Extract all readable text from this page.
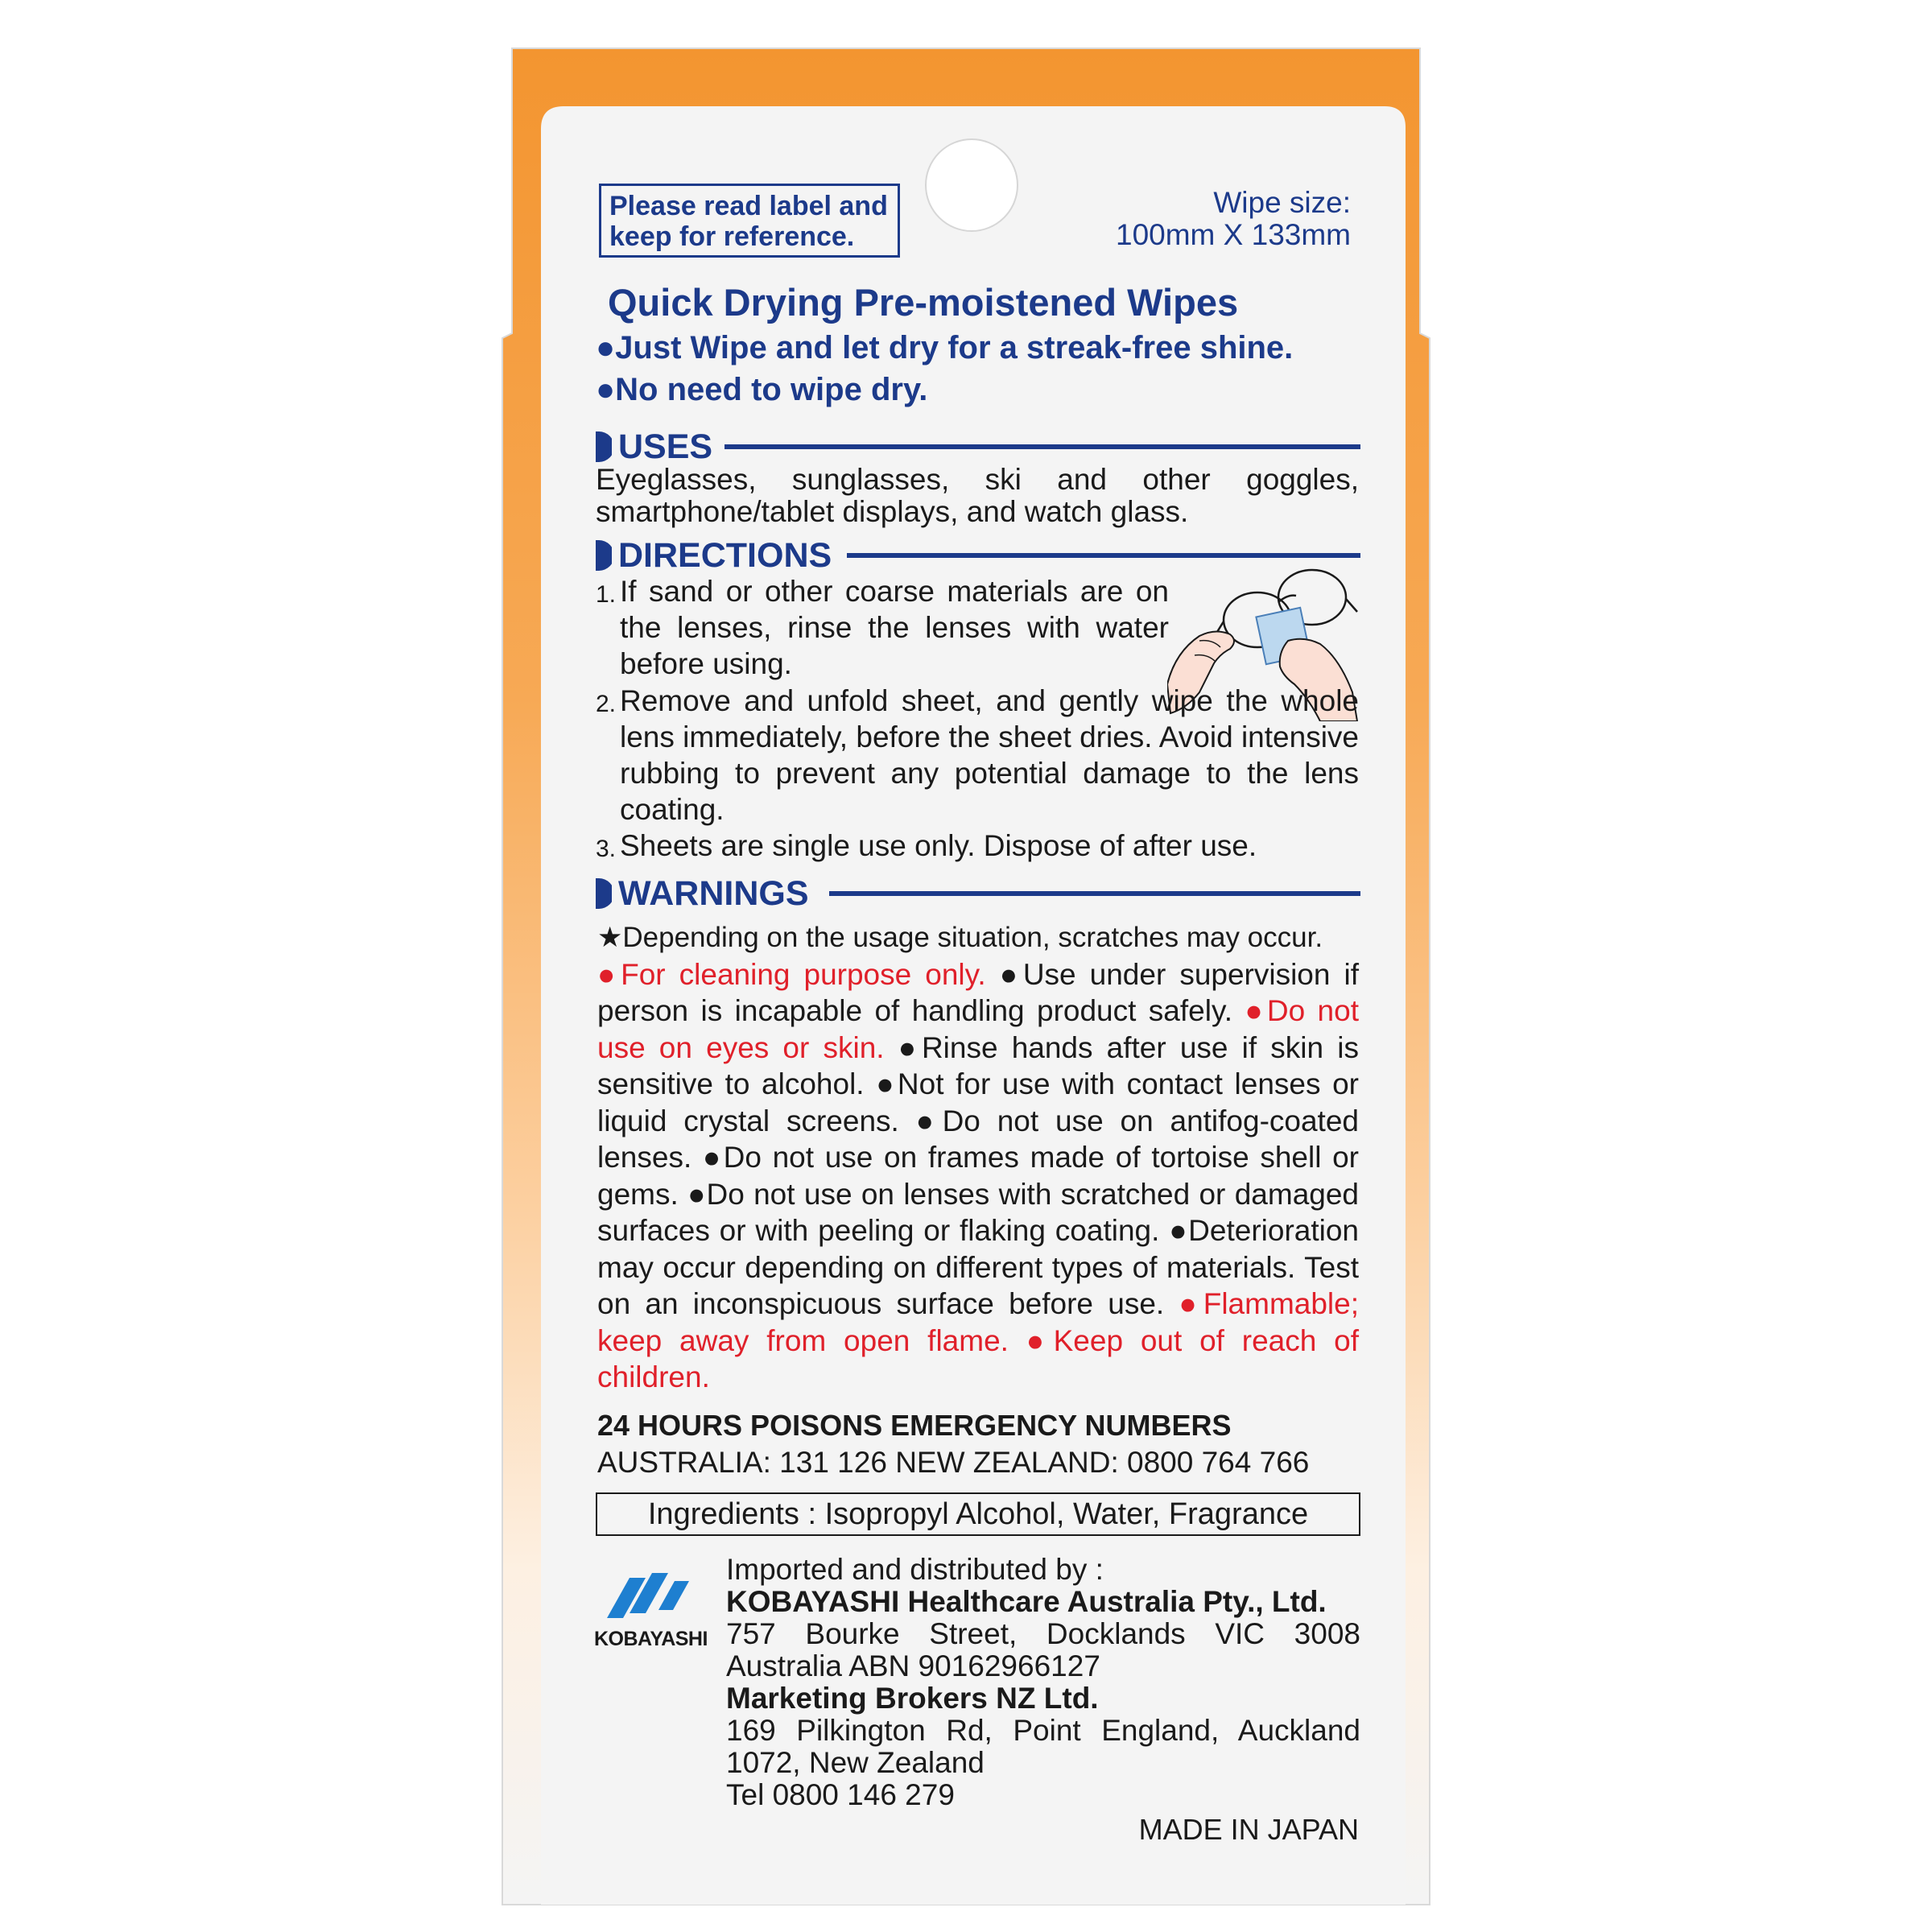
Please read label and keep for reference.
Wipe size:
100mm X 133mm
Quick Drying Pre-moistened Wipes
●Just Wipe and let dry for a streak-free shine.
●No need to wipe dry.
USES
Eyeglasses, sunglasses, ski and other goggles, smartphone/tablet displays, and watch glass.
DIRECTIONS
1. If sand or other coarse materials are on the lenses, rinse the lenses with water before using.
2. Remove and unfold sheet, and gently wipe the whole lens immediately, before the sheet dries. Avoid intensive rubbing to prevent any potential damage to the lens coating.
3. Sheets are single use only. Dispose of after use.
WARNINGS
★Depending on the usage situation, scratches may occur.
●For cleaning purpose only. ●Use under supervision if person is incapable of handling product safely. ●Do not use on eyes or skin. ●Rinse hands after use if skin is sensitive to alcohol. ●Not for use with contact lenses or liquid crystal screens. ●Do not use on antifog-coated lenses. ●Do not use on frames made of tortoise shell or gems. ●Do not use on lenses with scratched or damaged surfaces or with peeling or flaking coating. ●Deterioration may occur depending on different types of materials. Test on an inconspicuous surface before use. ●Flammable; keep away from open flame. ●Keep out of reach of children.
24 HOURS POISONS EMERGENCY NUMBERS
AUSTRALIA: 131 126 NEW ZEALAND: 0800 764 766
Ingredients : Isopropyl Alcohol, Water, Fragrance
KOBAYASHI
Imported and distributed by :
KOBAYASHI Healthcare Australia Pty., Ltd.
757 Bourke Street, Docklands VIC 3008
Australia ABN 90162966127
Marketing Brokers NZ Ltd.
169 Pilkington Rd, Point England, Auckland
1072, New Zealand
Tel 0800 146 279
MADE IN JAPAN
